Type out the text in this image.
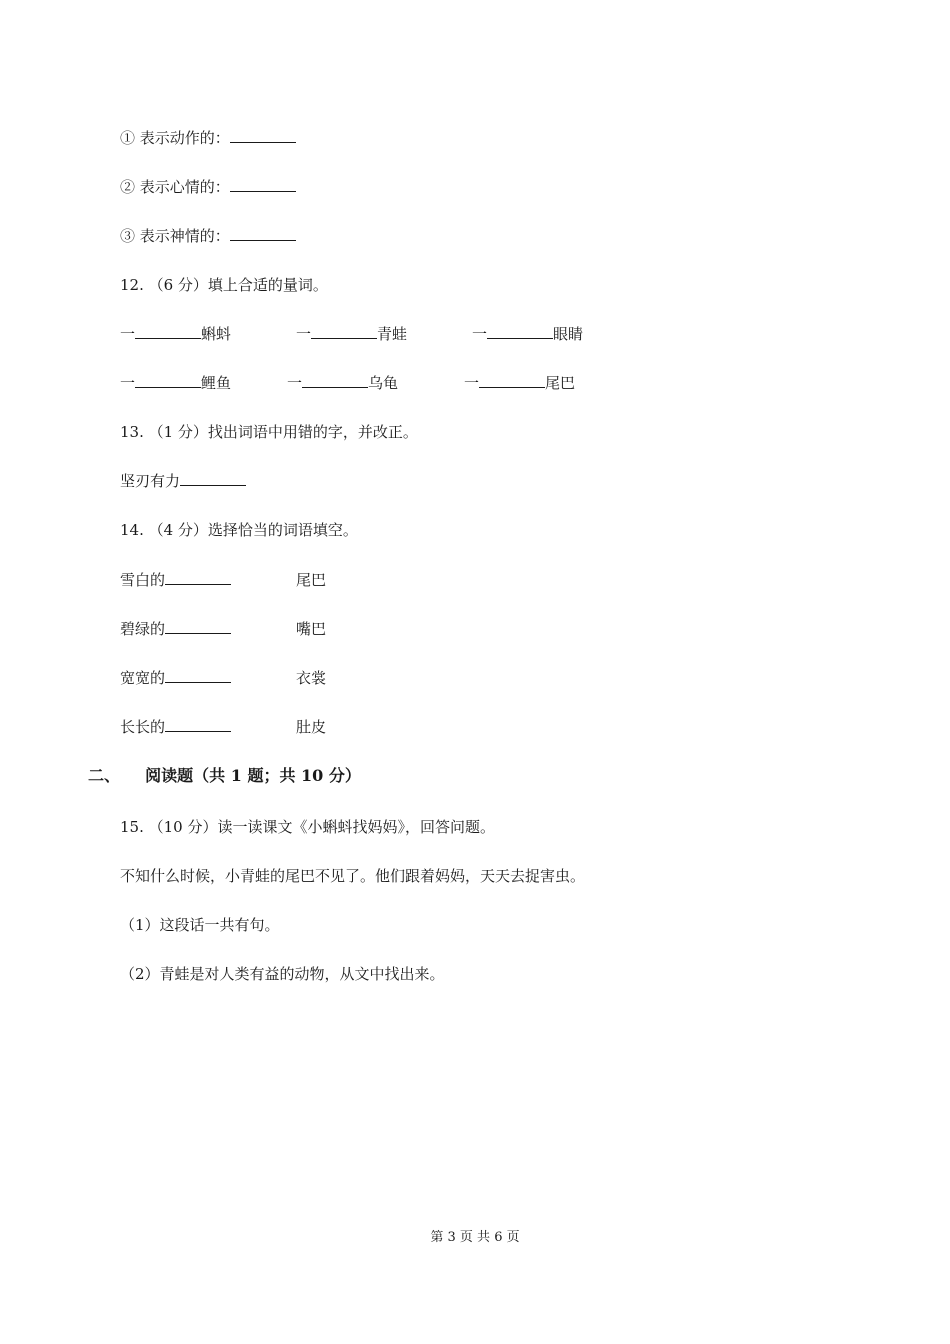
① 表示动作的：
② 表示心情的：
③ 表示神情的：
12. （6 分）填上合适的量词。
一	蝌蚪	一	青蛙	一	眼睛
一	鲤鱼	一	乌龟	一	尾巴
13. （1 分）找出词语中用错的字，并改正。
坚刃有力
14. （4 分）选择恰当的词语填空。
雪白的	尾巴
碧绿的	嘴巴
宽宽的	衣裳
长长的	肚皮
二、 阅读题（共 1 题；共 10 分）
15. （10 分）读一读课文《小蝌蚪找妈妈》，回答问题。
不知什么时候，小青蛙的尾巴不见了。他们跟着妈妈，天天去捉害虫。
（1）这段话一共有句。
（2）青蛙是对人类有益的动物，从文中找出来。
第 3 页 共 6 页
